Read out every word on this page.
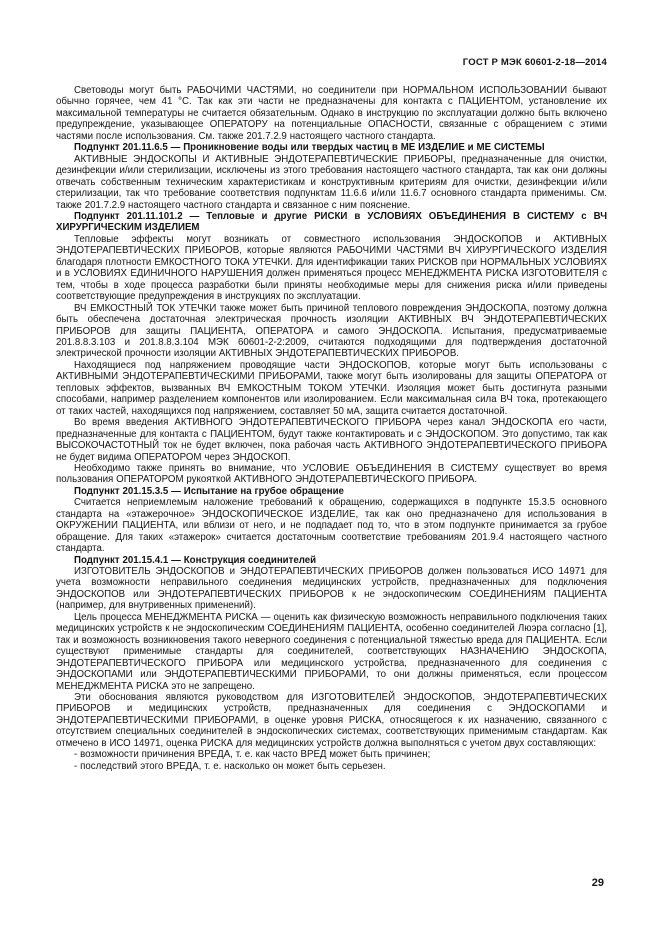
ГОСТ Р МЭК 60601-2-18—2014

Световоды могут быть РАБОЧИМИ ЧАСТЯМИ, но соединители при НОРМАЛЬНОМ ИСПОЛЬЗОВАНИИ бывают обычно горячее, чем 41 °С. Так как эти части не предназначены для контакта с ПАЦИЕНТОМ, установление их максимальной температуры не считается обязательным. Однако в инструкцию по эксплуатации должно быть включено предупреждение, указывающее ОПЕРАТОРУ на потенциальные ОПАСНОСТИ, связанные с обращением с этими частями после использования. См. также 201.7.2.9 настоящего частного стандарта.

Подпункт 201.11.6.5 — Проникновение воды или твердых частиц в МЕ ИЗДЕЛИЕ и МЕ СИСТЕМЫ

АКТИВНЫЕ ЭНДОСКОПЫ И АКТИВНЫЕ ЭНДОТЕРАПЕВТИЧЕСКИЕ ПРИБОРЫ, предназначенные для очистки, дезинфекции и/или стерилизации, исключены из этого требования настоящего частного стандарта, так как они должны отвечать собственным техническим характеристикам и конструктивным критериям для очистки, дезинфекции и/или стерилизации, так что требование соответствия подпунктам 11.6.6 и/или 11.6.7 основного стандарта применимы. См. также 201.7.2.9 настоящего частного стандарта и связанное с ним пояснение.

Подпункт 201.11.101.2 — Тепловые и другие РИСКИ в УСЛОВИЯХ ОБЪЕДИНЕНИЯ В СИСТЕМУ с ВЧ ХИРУРГИЧЕСКИМ ИЗДЕЛИЕМ

Тепловые эффекты могут возникать от совместного использования ЭНДОСКОПОВ и АКТИВНЫХ ЭНДОТЕРАПЕВТИЧЕСКИХ ПРИБОРОВ, которые являются РАБОЧИМИ ЧАСТЯМИ ВЧ ХИРУРГИЧЕСКОГО ИЗДЕЛИЯ благодаря плотности ЕМКОСТНОГО ТОКА УТЕЧКИ. Для идентификации таких РИСКОВ при НОРМАЛЬНЫХ УСЛОВИЯХ и в УСЛОВИЯХ ЕДИНИЧНОГО НАРУШЕНИЯ должен применяться процесс МЕНЕДЖМЕНТА РИСКА ИЗГОТОВИТЕЛЯ с тем, чтобы в ходе процесса разработки были приняты необходимые меры для снижения риска и/или приведены соответствующие предупреждения в инструкциях по эксплуатации.

ВЧ ЕМКОСТНЫЙ ТОК УТЕЧКИ также может быть причиной теплового повреждения ЭНДОСКОПА, поэтому должна быть обеспечена достаточная электрическая прочность изоляции АКТИВНЫХ ВЧ ЭНДОТЕРАПЕВТИЧЕСКИХ ПРИБОРОВ для защиты ПАЦИЕНТА, ОПЕРАТОРА и самого ЭНДОСКОПА. Испытания, предусматриваемые 201.8.8.3.103 и 201.8.8.3.104 МЭК 60601-2-2:2009, считаются подходящими для подтверждения достаточной электрической прочности изоляции АКТИВНЫХ ЭНДОТЕРАПЕВТИЧЕСКИХ ПРИБОРОВ.

Находящиеся под напряжением проводящие части ЭНДОСКОПОВ, которые могут быть использованы с АКТИВНЫМИ ЭНДОТЕРАПЕВТИЧЕСКИМИ ПРИБОРАМИ, также могут быть изолированы для защиты ОПЕРАТОРА от тепловых эффектов, вызванных ВЧ ЕМКОСТНЫМ ТОКОМ УТЕЧКИ. Изоляция может быть достигнута разными способами, например разделением компонентов или изолированием. Если максимальная сила ВЧ тока, протекающего от таких частей, находящихся под напряжением, составляет 50 мА, защита считается достаточной.

Во время введения АКТИВНОГО ЭНДОТЕРАПЕВТИЧЕСКОГО ПРИБОРА через канал ЭНДОСКОПА его части, предназначенные для контакта с ПАЦИЕНТОМ, будут также контактировать и с ЭНДОСКОПОМ. Это допустимо, так как ВЫСОКОЧАСТОТНЫЙ ток не будет включен, пока рабочая часть АКТИВНОГО ЭНДОТЕРАПЕВТИЧЕСКОГО ПРИБОРА не будет видима ОПЕРАТОРОМ через ЭНДОСКОП.

Необходимо также принять во внимание, что УСЛОВИЕ ОБЪЕДИНЕНИЯ В СИСТЕМУ существует во время пользования ОПЕРАТОРОМ рукояткой АКТИВНОГО ЭНДОТЕРАПЕВТИЧЕСКОГО ПРИБОРА.

Подпункт 201.15.3.5 — Испытание на грубое обращение

Считается неприемлемым наложение требований к обращению, содержащихся в подпункте 15.3.5 основного стандарта на «этажерочное» ЭНДОСКОПИЧЕСКОЕ ИЗДЕЛИЕ, так как оно предназначено для использования в ОКРУЖЕНИИ ПАЦИЕНТА, или вблизи от него, и не подпадает под то, что в этом подпункте принимается за грубое обращение. Для таких «этажерок» считается достаточным соответствие требованиям 201.9.4 настоящего частного стандарта.

Подпункт 201.15.4.1 — Конструкция соединителей

ИЗГОТОВИТЕЛЬ ЭНДОСКОПОВ и ЭНДОТЕРАПЕВТИЧЕСКИХ ПРИБОРОВ должен пользоваться ИСО 14971 для учета возможности неправильного соединения медицинских устройств, предназначенных для подключения ЭНДОСКОПОВ или ЭНДОТЕРАПЕВТИЧЕСКИХ ПРИБОРОВ к не эндоскопическим СОЕДИНЕНИЯМ ПАЦИЕНТА (например, для внутривенных применений).

Цель процесса МЕНЕДЖМЕНТА РИСКА — оценить как физическую возможность неправильного подключения таких медицинских устройств к не эндоскопическим СОЕДИНЕНИЯМ ПАЦИЕНТА, особенно соединителей Люэра согласно [1], так и возможность возникновения такого неверного соединения с потенциальной тяжестью вреда для ПАЦИЕНТА. Если существуют применимые стандарты для соединителей, соответствующих НАЗНАЧЕНИЮ ЭНДОСКОПА, ЭНДОТЕРАПЕВТИЧЕСКОГО ПРИБОРА или медицинского устройства, предназначенного для соединения с ЭНДОСКОПАМИ или ЭНДОТЕРАПЕВТИЧЕСКИМИ ПРИБОРАМИ, то они должны применяться, если процессом МЕНЕДЖМЕНТА РИСКА это не запрещено.

Эти обоснования являются руководством для ИЗГОТОВИТЕЛЕЙ ЭНДОСКОПОВ, ЭНДОТЕРАПЕВТИЧЕСКИХ ПРИБОРОВ и медицинских устройств, предназначенных для соединения с ЭНДОСКОПАМИ и ЭНДОТЕРАПЕВТИЧЕСКИМИ ПРИБОРАМИ, в оценке уровня РИСКА, относящегося к их назначению, связанного с отсутствием специальных соединителей в эндоскопических системах, соответствующих применимым стандартам. Как отмечено в ИСО 14971, оценка РИСКА для медицинских устройств должна выполняться с учетом двух составляющих:

- возможности причинения ВРЕДА, т. е. как часто ВРЕД может быть причинен;

- последствий этого ВРЕДА, т. е. насколько он может быть серьезен.

29
